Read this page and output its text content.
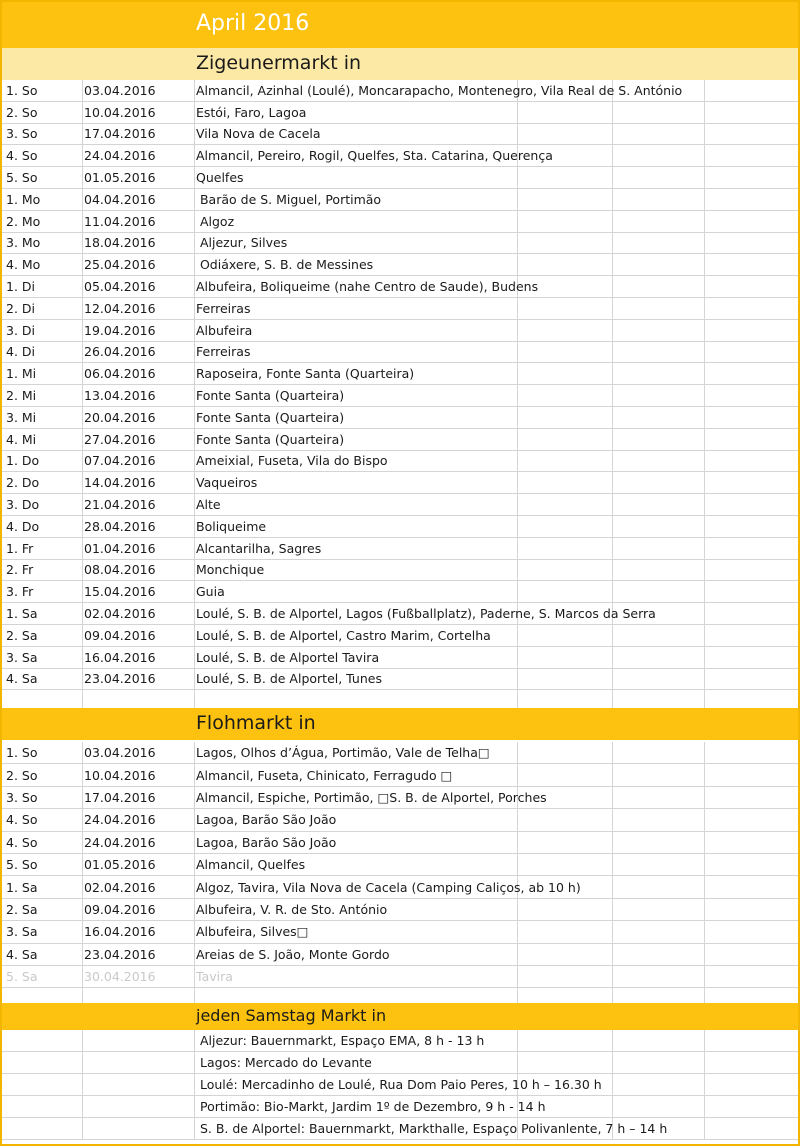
April 2016
Zigeunermarkt in
1. So	03.04.2016	Almancil, Azinhal (Loulé), Moncarapacho, Montenegro, Vila Real de S. António
2. So	10.04.2016	Estói, Faro, Lagoa
3. So	17.04.2016	Vila Nova de Cacela
4. So	24.04.2016	Almancil, Pereiro, Rogil, Quelfes, Sta. Catarina, Querença
5. So	01.05.2016	Quelfes
1. Mo	04.04.2016	Barão de S. Miguel, Portimão
2. Mo	11.04.2016	Algoz
3. Mo	18.04.2016	Aljezur, Silves
4. Mo	25.04.2016	Odiáxere, S. B. de Messines
1. Di	05.04.2016	Albufeira, Boliqueime (nahe Centro de Saude), Budens
2. Di	12.04.2016	Ferreiras
3. Di	19.04.2016	Albufeira
4. Di	26.04.2016	Ferreiras
1. Mi	06.04.2016	Raposeira, Fonte Santa (Quarteira)
2. Mi	13.04.2016	Fonte Santa (Quarteira)
3. Mi	20.04.2016	Fonte Santa (Quarteira)
4. Mi	27.04.2016	Fonte Santa (Quarteira)
1. Do	07.04.2016	Ameixial, Fuseta, Vila do Bispo
2. Do	14.04.2016	Vaqueiros
3. Do	21.04.2016	Alte
4. Do	28.04.2016	Boliqueime
1. Fr	01.04.2016	Alcantarilha, Sagres
2. Fr	08.04.2016	Monchique
3. Fr	15.04.2016	Guia
1. Sa	02.04.2016	Loulé, S. B. de Alportel, Lagos (Fußballplatz), Paderne, S. Marcos da Serra
2. Sa	09.04.2016	Loulé, S. B. de Alportel, Castro Marim, Cortelha
3. Sa	16.04.2016	Loulé, S. B. de Alportel Tavira
4. Sa	23.04.2016	Loulé, S. B. de Alportel, Tunes
Flohmarkt in
1. So	03.04.2016	Lagos, Olhos d’Água, Portimão, Vale de Telha□
2. So	10.04.2016	Almancil, Fuseta, Chinicato, Ferragudo □
3. So	17.04.2016	Almancil, Espiche, Portimão, □S. B. de Alportel, Porches
4. So	24.04.2016	Lagoa, Barão São João
4. So	24.04.2016	Lagoa, Barão São João
5. So	01.05.2016	Almancil, Quelfes
1. Sa	02.04.2016	Algoz, Tavira, Vila Nova de Cacela (Camping Caliços, ab 10 h)
2. Sa	09.04.2016	Albufeira, V. R. de Sto. António
3. Sa	16.04.2016	Albufeira, Silves□
4. Sa	23.04.2016	Areias de S. João, Monte Gordo
5. Sa	30.04.2016	Tavira
jeden Samstag Markt in
Aljezur: Bauernmarkt, Espaço EMA, 8 h - 13 h
Lagos: Mercado do Levante
Loulé: Mercadinho de Loulé, Rua Dom Paio Peres, 10 h – 16.30 h
Portimão: Bio-Markt, Jardim 1º de Dezembro, 9 h - 14 h
S. B. de Alportel: Bauernmarkt, Markthalle, Espaço Polivanlente, 7 h – 14 h
